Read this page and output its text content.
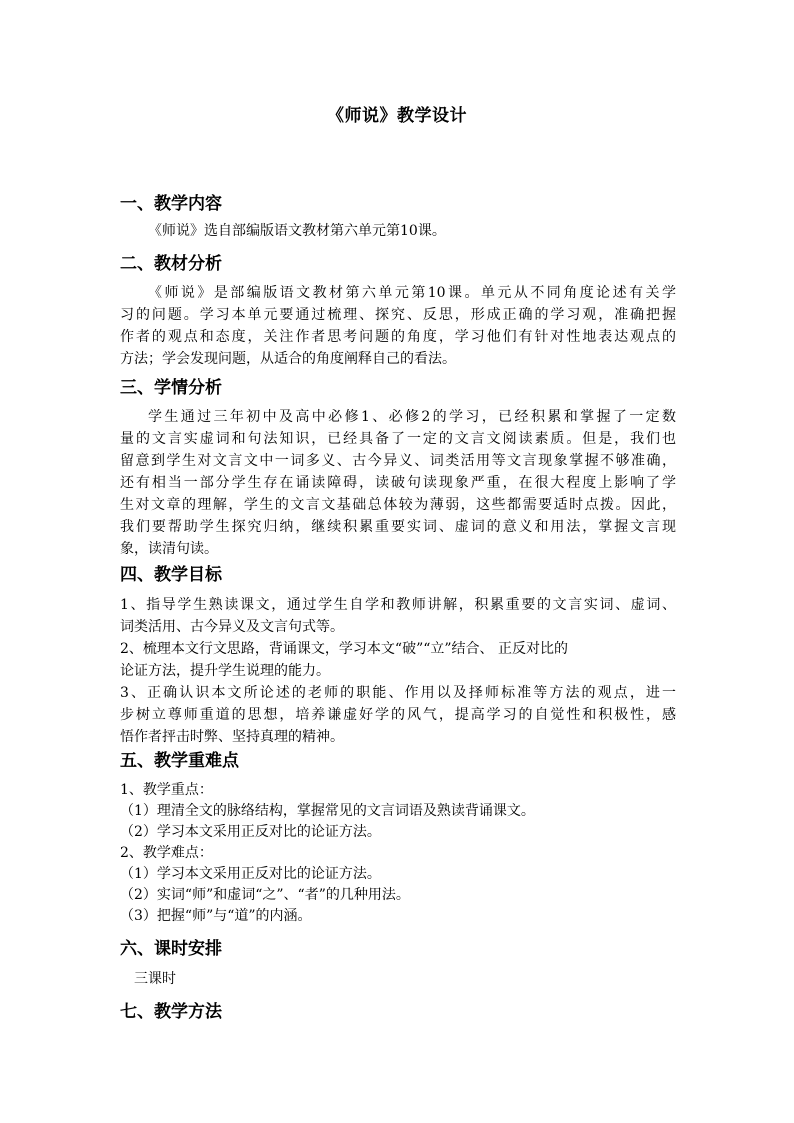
《师说》教学设计
一、教学内容
《师说》选自部编版语文教材第六单元第10课。
二、教材分析
《师说》是部编版语文教材第六单元第10课。单元从不同角度论述有关学
习的问题。学习本单元要通过梳理、探究、反思，形成正确的学习观，准确把握
作者的观点和态度，关注作者思考问题的角度，学习他们有针对性地表达观点的
方法；学会发现问题，从适合的角度阐释自己的看法。
三、学情分析
学生通过三年初中及高中必修1、必修2的学习，已经积累和掌握了一定数
量的文言实虚词和句法知识，已经具备了一定的文言文阅读素质。但是，我们也
留意到学生对文言文中一词多义、古今异义、词类活用等文言现象掌握不够准确，
还有相当一部分学生存在诵读障碍，读破句读现象严重，在很大程度上影响了学
生对文章的理解，学生的文言文基础总体较为薄弱，这些都需要适时点拨。因此，
我们要帮助学生探究归纳，继续积累重要实词、虚词的意义和用法，掌握文言现
象，读清句读。
四、教学目标
1、指导学生熟读课文，通过学生自学和教师讲解，积累重要的文言实词、虚词、
词类活用、古今异义及文言句式等。
2、梳理本文行文思路，背诵课文，学习本文“破”“立”结合、 正反对比的
论证方法，提升学生说理的能力。
3、正确认识本文所论述的老师的职能、作用以及择师标准等方法的观点，进一
步树立尊师重道的思想，培养谦虚好学的风气，提高学习的自觉性和积极性，感
悟作者抨击时弊、坚持真理的精神。
五、教学重难点
1、教学重点：
（1）理清全文的脉络结构，掌握常见的文言词语及熟读背诵课文。
（2）学习本文采用正反对比的论证方法。
2、教学难点：
（1）学习本文采用正反对比的论证方法。
（2）实词“师”和虚词“之”、“者”的几种用法。
（3）把握“师”与“道”的内涵。
六、课时安排
三课时
七、教学方法
